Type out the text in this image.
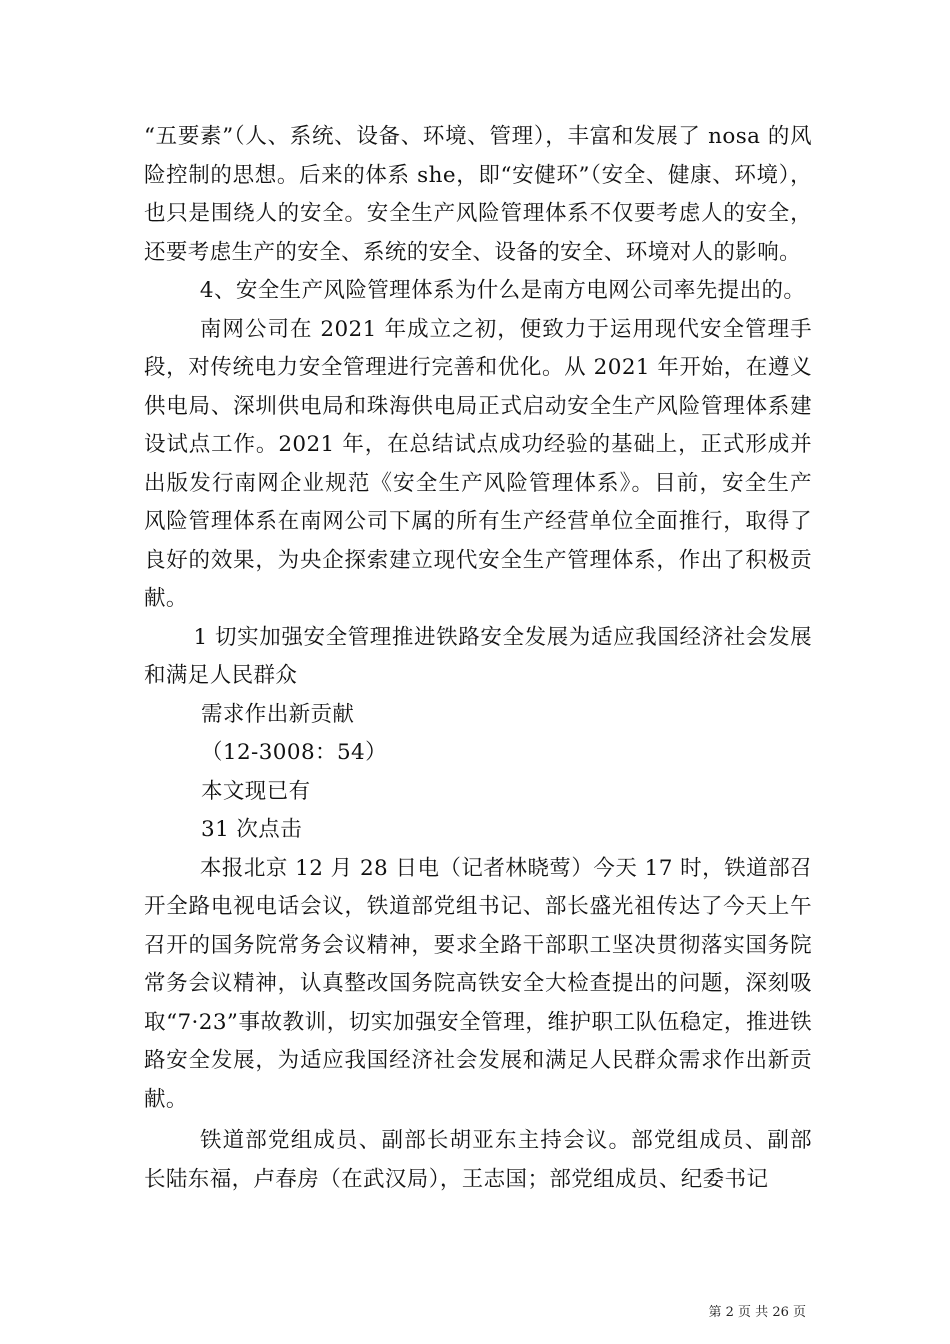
“五要素”（人、系统、设备、环境、管理），丰富和发展了 nosa 的风险控制的思想。后来的体系 she，即“安健环”（安全、健康、环境），也只是围绕人的安全。安全生产风险管理体系不仅要考虑人的安全，还要考虑生产的安全、系统的安全、设备的安全、环境对人的影响。

4、安全生产风险管理体系为什么是南方电网公司率先提出的。

南网公司在 2021 年成立之初，便致力于运用现代安全管理手段，对传统电力安全管理进行完善和优化。从 2021 年开始，在遵义供电局、深圳供电局和珠海供电局正式启动安全生产风险管理体系建设试点工作。2021 年，在总结试点成功经验的基础上，正式形成并出版发行南网企业规范《安全生产风险管理体系》。目前，安全生产风险管理体系在南网公司下属的所有生产经营单位全面推行，取得了良好的效果，为央企探索建立现代安全生产管理体系，作出了积极贡献。

1 切实加强安全管理推进铁路安全发展为适应我国经济社会发展和满足人民群众

需求作出新贡献

（12-3008：54）

本文现已有

31 次点击

本报北京 12 月 28 日电（记者林晓莺）今天 17 时，铁道部召开全路电视电话会议，铁道部党组书记、部长盛光祖传达了今天上午召开的国务院常务会议精神，要求全路干部职工坚决贯彻落实国务院常务会议精神，认真整改国务院高铁安全大检查提出的问题，深刻吸取“7·23”事故教训，切实加强安全管理，维护职工队伍稳定，推进铁路安全发展，为适应我国经济社会发展和满足人民群众需求作出新贡献。

铁道部党组成员、副部长胡亚东主持会议。部党组成员、副部长陆东福，卢春房（在武汉局），王志国；部党组成员、纪委书记

第 2 页 共 26 页
